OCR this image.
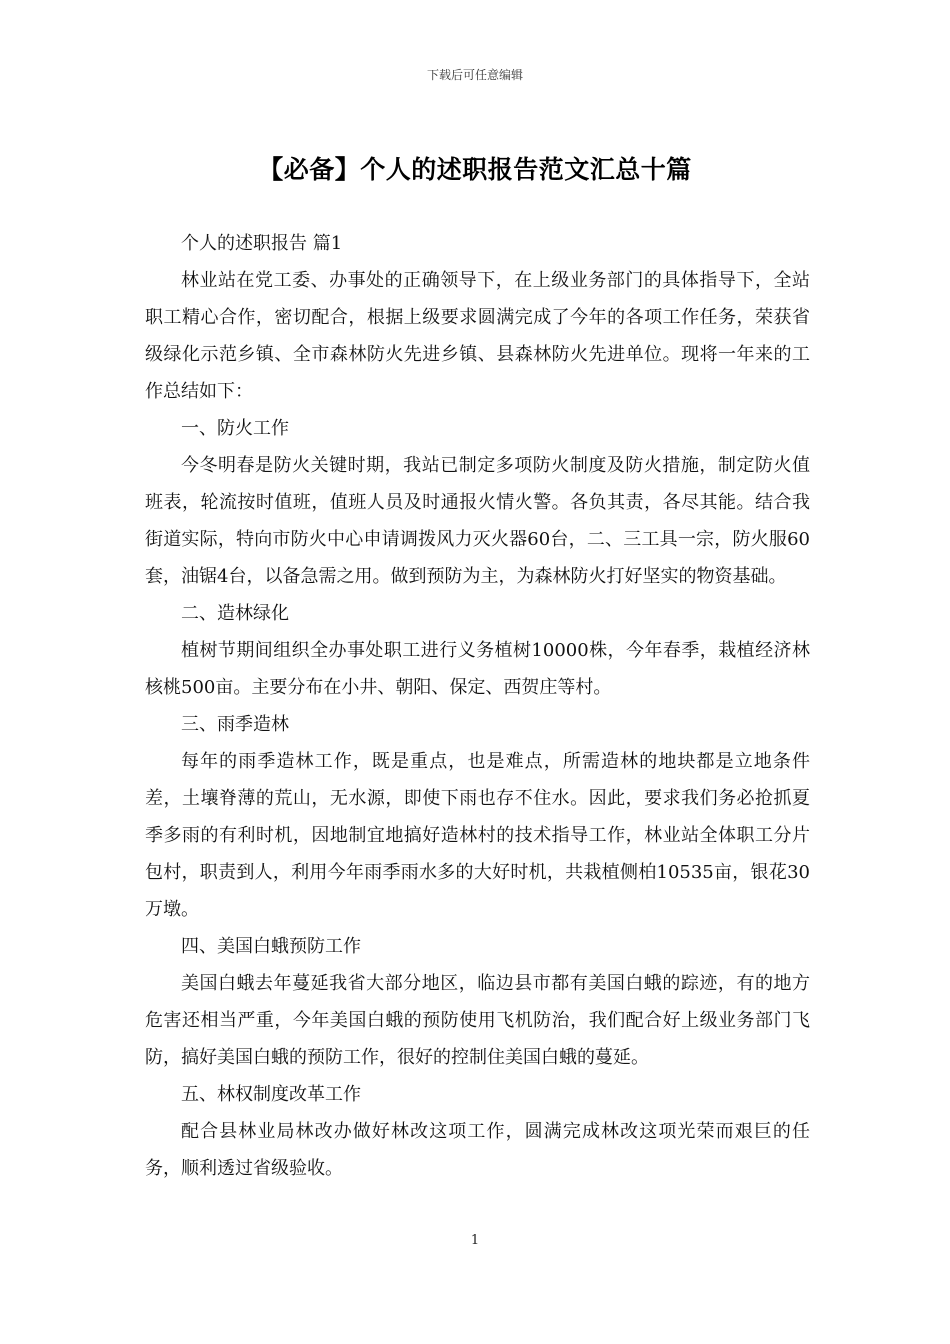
下载后可任意编辑
【必备】个人的述职报告范文汇总十篇

个人的述职报告 篇1

林业站在党工委、办事处的正确领导下，在上级业务部门的具体指导下，全站职工精心合作，密切配合，根据上级要求圆满完成了今年的各项工作任务，荣获省级绿化示范乡镇、全市森林防火先进乡镇、县森林防火先进单位。现将一年来的工作总结如下：

一、防火工作

今冬明春是防火关键时期，我站已制定多项防火制度及防火措施，制定防火值班表，轮流按时值班，值班人员及时通报火情火警。各负其责，各尽其能。结合我街道实际，特向市防火中心申请调拨风力灭火器60台，二、三工具一宗，防火服60套，油锯4台，以备急需之用。做到预防为主，为森林防火打好坚实的物资基础。

二、造林绿化

植树节期间组织全办事处职工进行义务植树10000株，今年春季，栽植经济林核桃500亩。主要分布在小井、朝阳、保定、西贺庄等村。

三、雨季造林

每年的雨季造林工作，既是重点，也是难点，所需造林的地块都是立地条件差，土壤脊薄的荒山，无水源，即使下雨也存不住水。因此，要求我们务必抢抓夏季多雨的有利时机，因地制宜地搞好造林村的技术指导工作，林业站全体职工分片包村，职责到人，利用今年雨季雨水多的大好时机，共栽植侧柏10535亩，银花30万墩。

四、美国白蛾预防工作

美国白蛾去年蔓延我省大部分地区，临边县市都有美国白蛾的踪迹，有的地方危害还相当严重，今年美国白蛾的预防使用飞机防治，我们配合好上级业务部门飞防，搞好美国白蛾的预防工作，很好的控制住美国白蛾的蔓延。

五、林权制度改革工作

配合县林业局林改办做好林改这项工作，圆满完成林改这项光荣而艰巨的任务，顺利透过省级验收。

1
